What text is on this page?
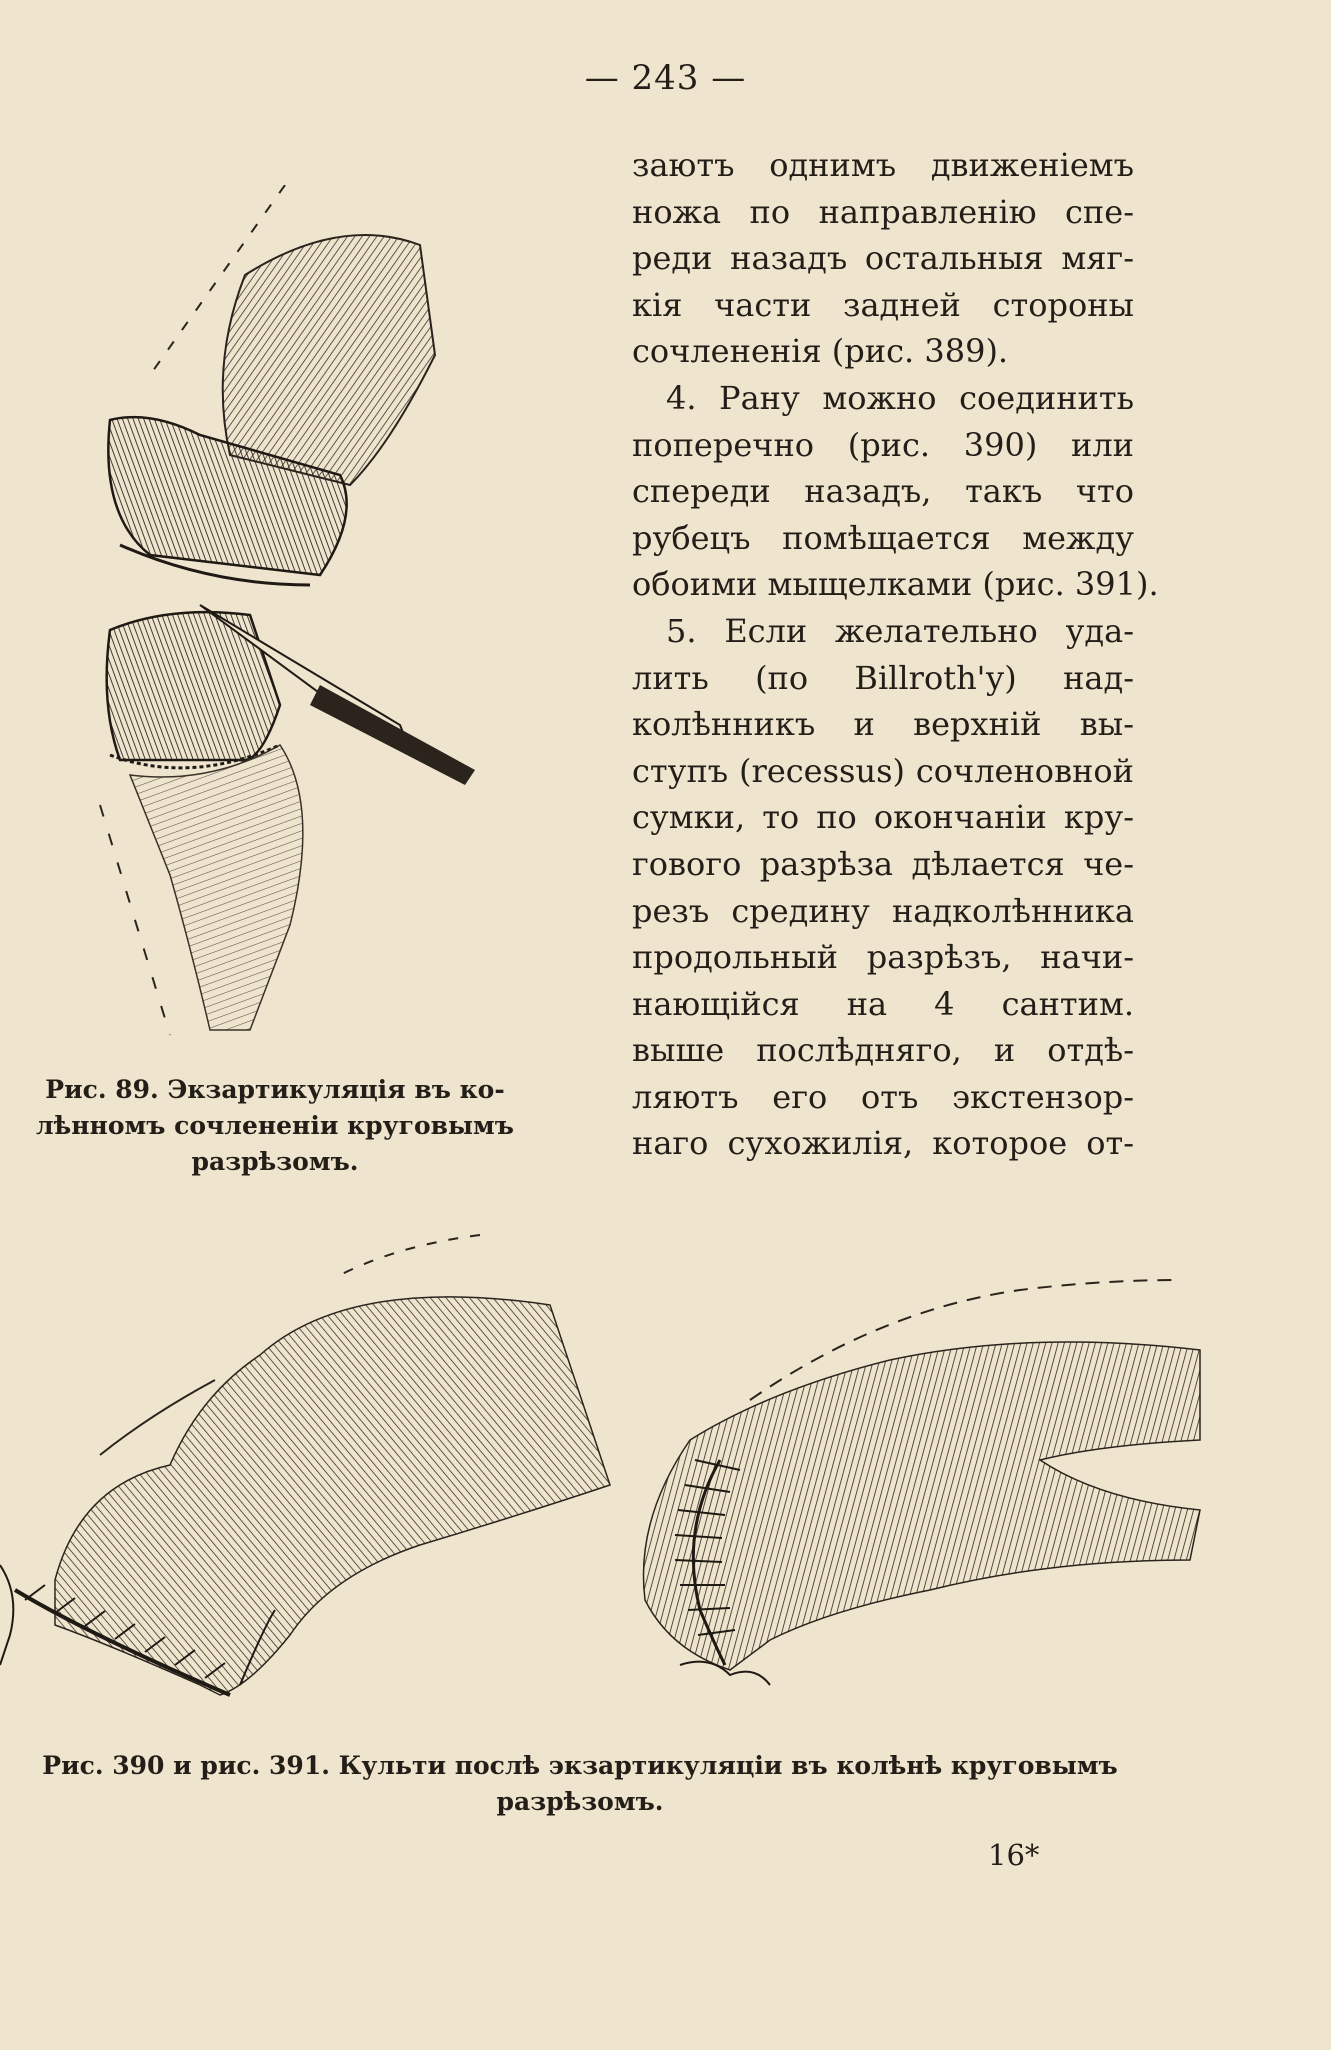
— 243 —
заютъ однимъ движенiемъ
ножа по направленiю спе-
реди назадъ остальныя мяг-
кiя части задней стороны
сочлененiя (рис. 389).
4. Рану можно соединить
поперечно (рис. 390) или
спереди назадъ, такъ что
рубецъ помѣщается между
обоими мыщелками (рис. 391).
5. Если желательно уда-
лить (по Billroth'у) над-
колѣнникъ и верхнiй вы-
ступъ (recessus) сочленовной
сумки, то по окончанiи кру-
гового разрѣза дѣлается че-
резъ средину надколѣнника
продольный разрѣзъ, начи-
нающiйся на 4 сантим.
выше послѣдняго, и отдѣ-
ляютъ его отъ экстензор-
наго сухожилiя, которое от-
Рис. 89. Экзартикуляцiя въ ко-
лѣнномъ сочлененiи круговымъ
разрѣзомъ.
Рис. 390 и рис. 391. Культи послѣ экзартикуляцiи въ колѣнѣ круговымъ
разрѣзомъ.
16*
